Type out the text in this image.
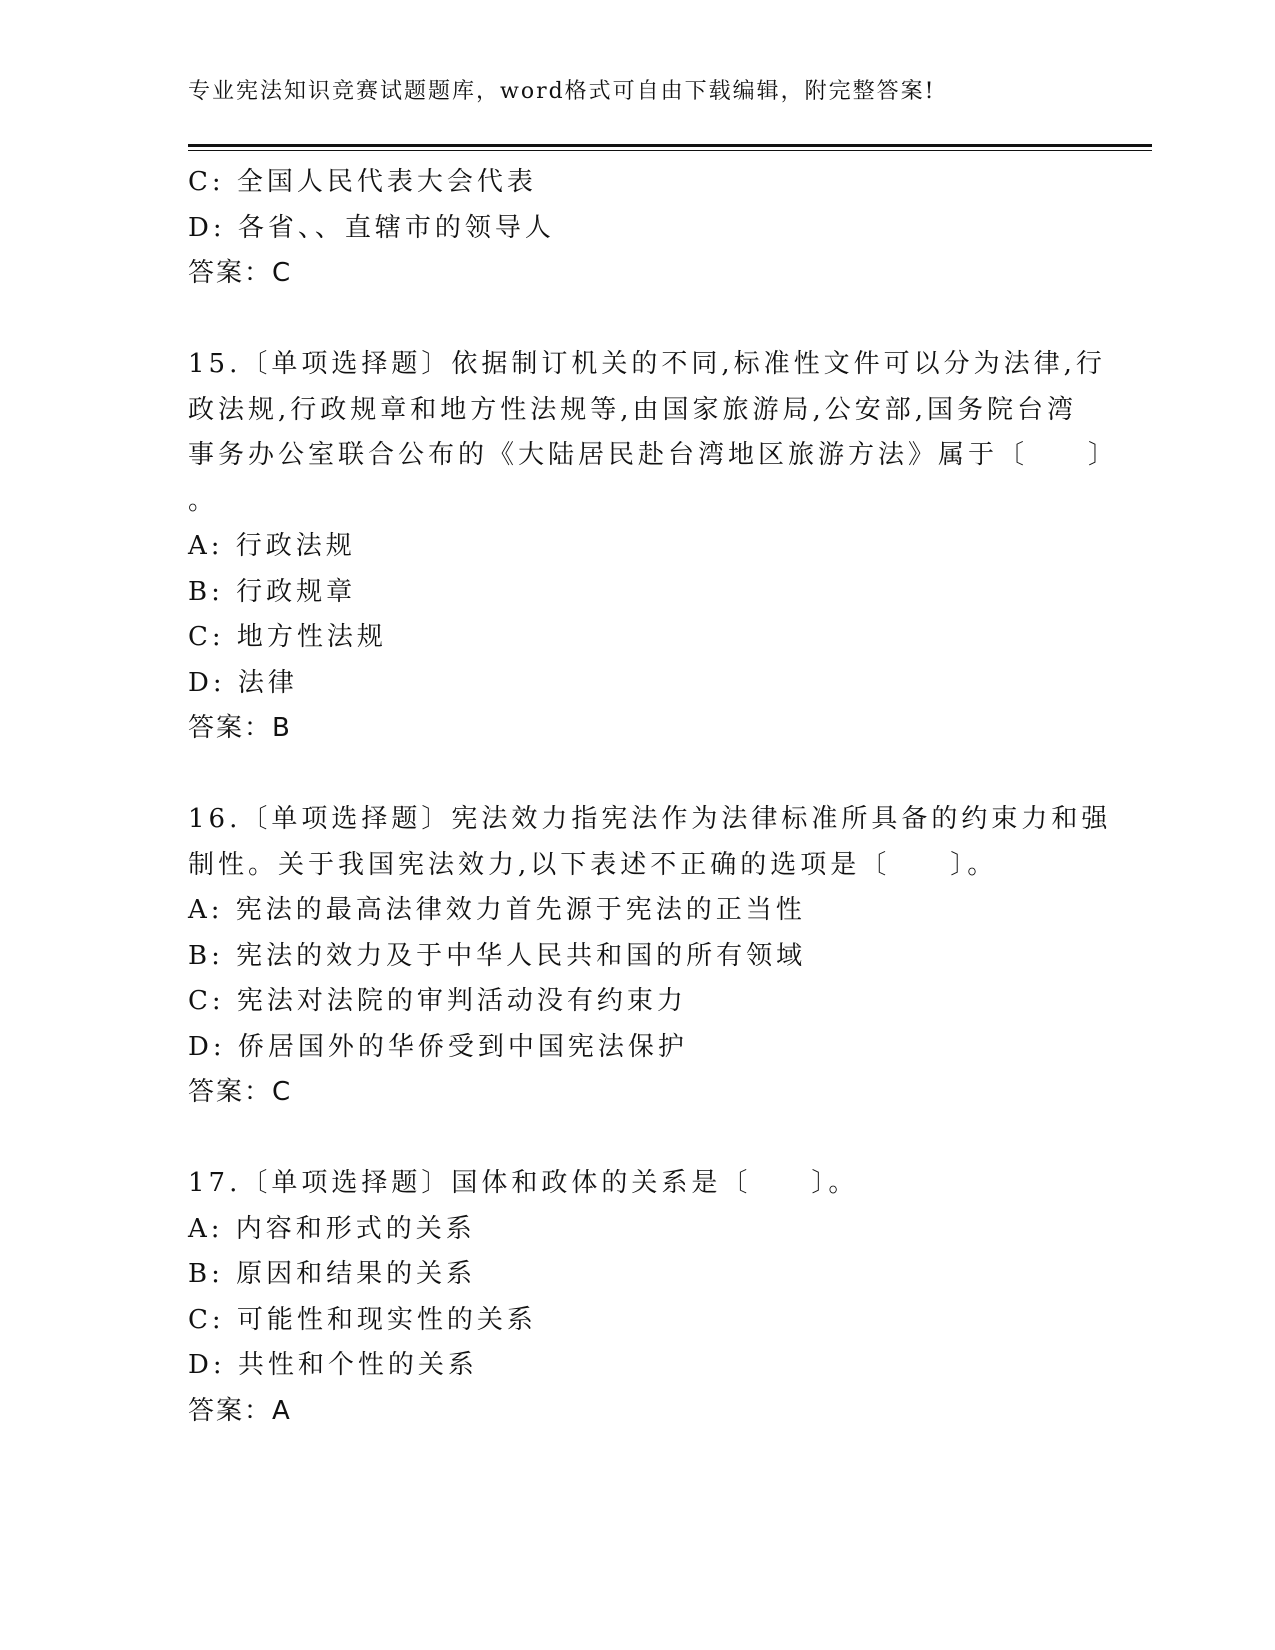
专业宪法知识竞赛试题题库，word格式可自由下载编辑，附完整答案!
C: 全国人民代表大会代表
D: 各省、、直辖市的领导人
答案：C
15.〔单项选择题〕依据制订机关的不同,标准性文件可以分为法律,行
政法规,行政规章和地方性法规等,由国家旅游局,公安部,国务院台湾
事务办公室联合公布的《大陆居民赴台湾地区旅游方法》属于〔　　〕
。
A: 行政法规
B: 行政规章
C: 地方性法规
D: 法律
答案：B
16.〔单项选择题〕宪法效力指宪法作为法律标准所具备的约束力和强
制性。关于我国宪法效力,以下表述不正确的选项是〔　　〕。
A: 宪法的最高法律效力首先源于宪法的正当性
B: 宪法的效力及于中华人民共和国的所有领域
C: 宪法对法院的审判活动没有约束力
D: 侨居国外的华侨受到中国宪法保护
答案：C
17.〔单项选择题〕国体和政体的关系是〔　　〕。
A: 内容和形式的关系
B: 原因和结果的关系
C: 可能性和现实性的关系
D: 共性和个性的关系
答案：A
